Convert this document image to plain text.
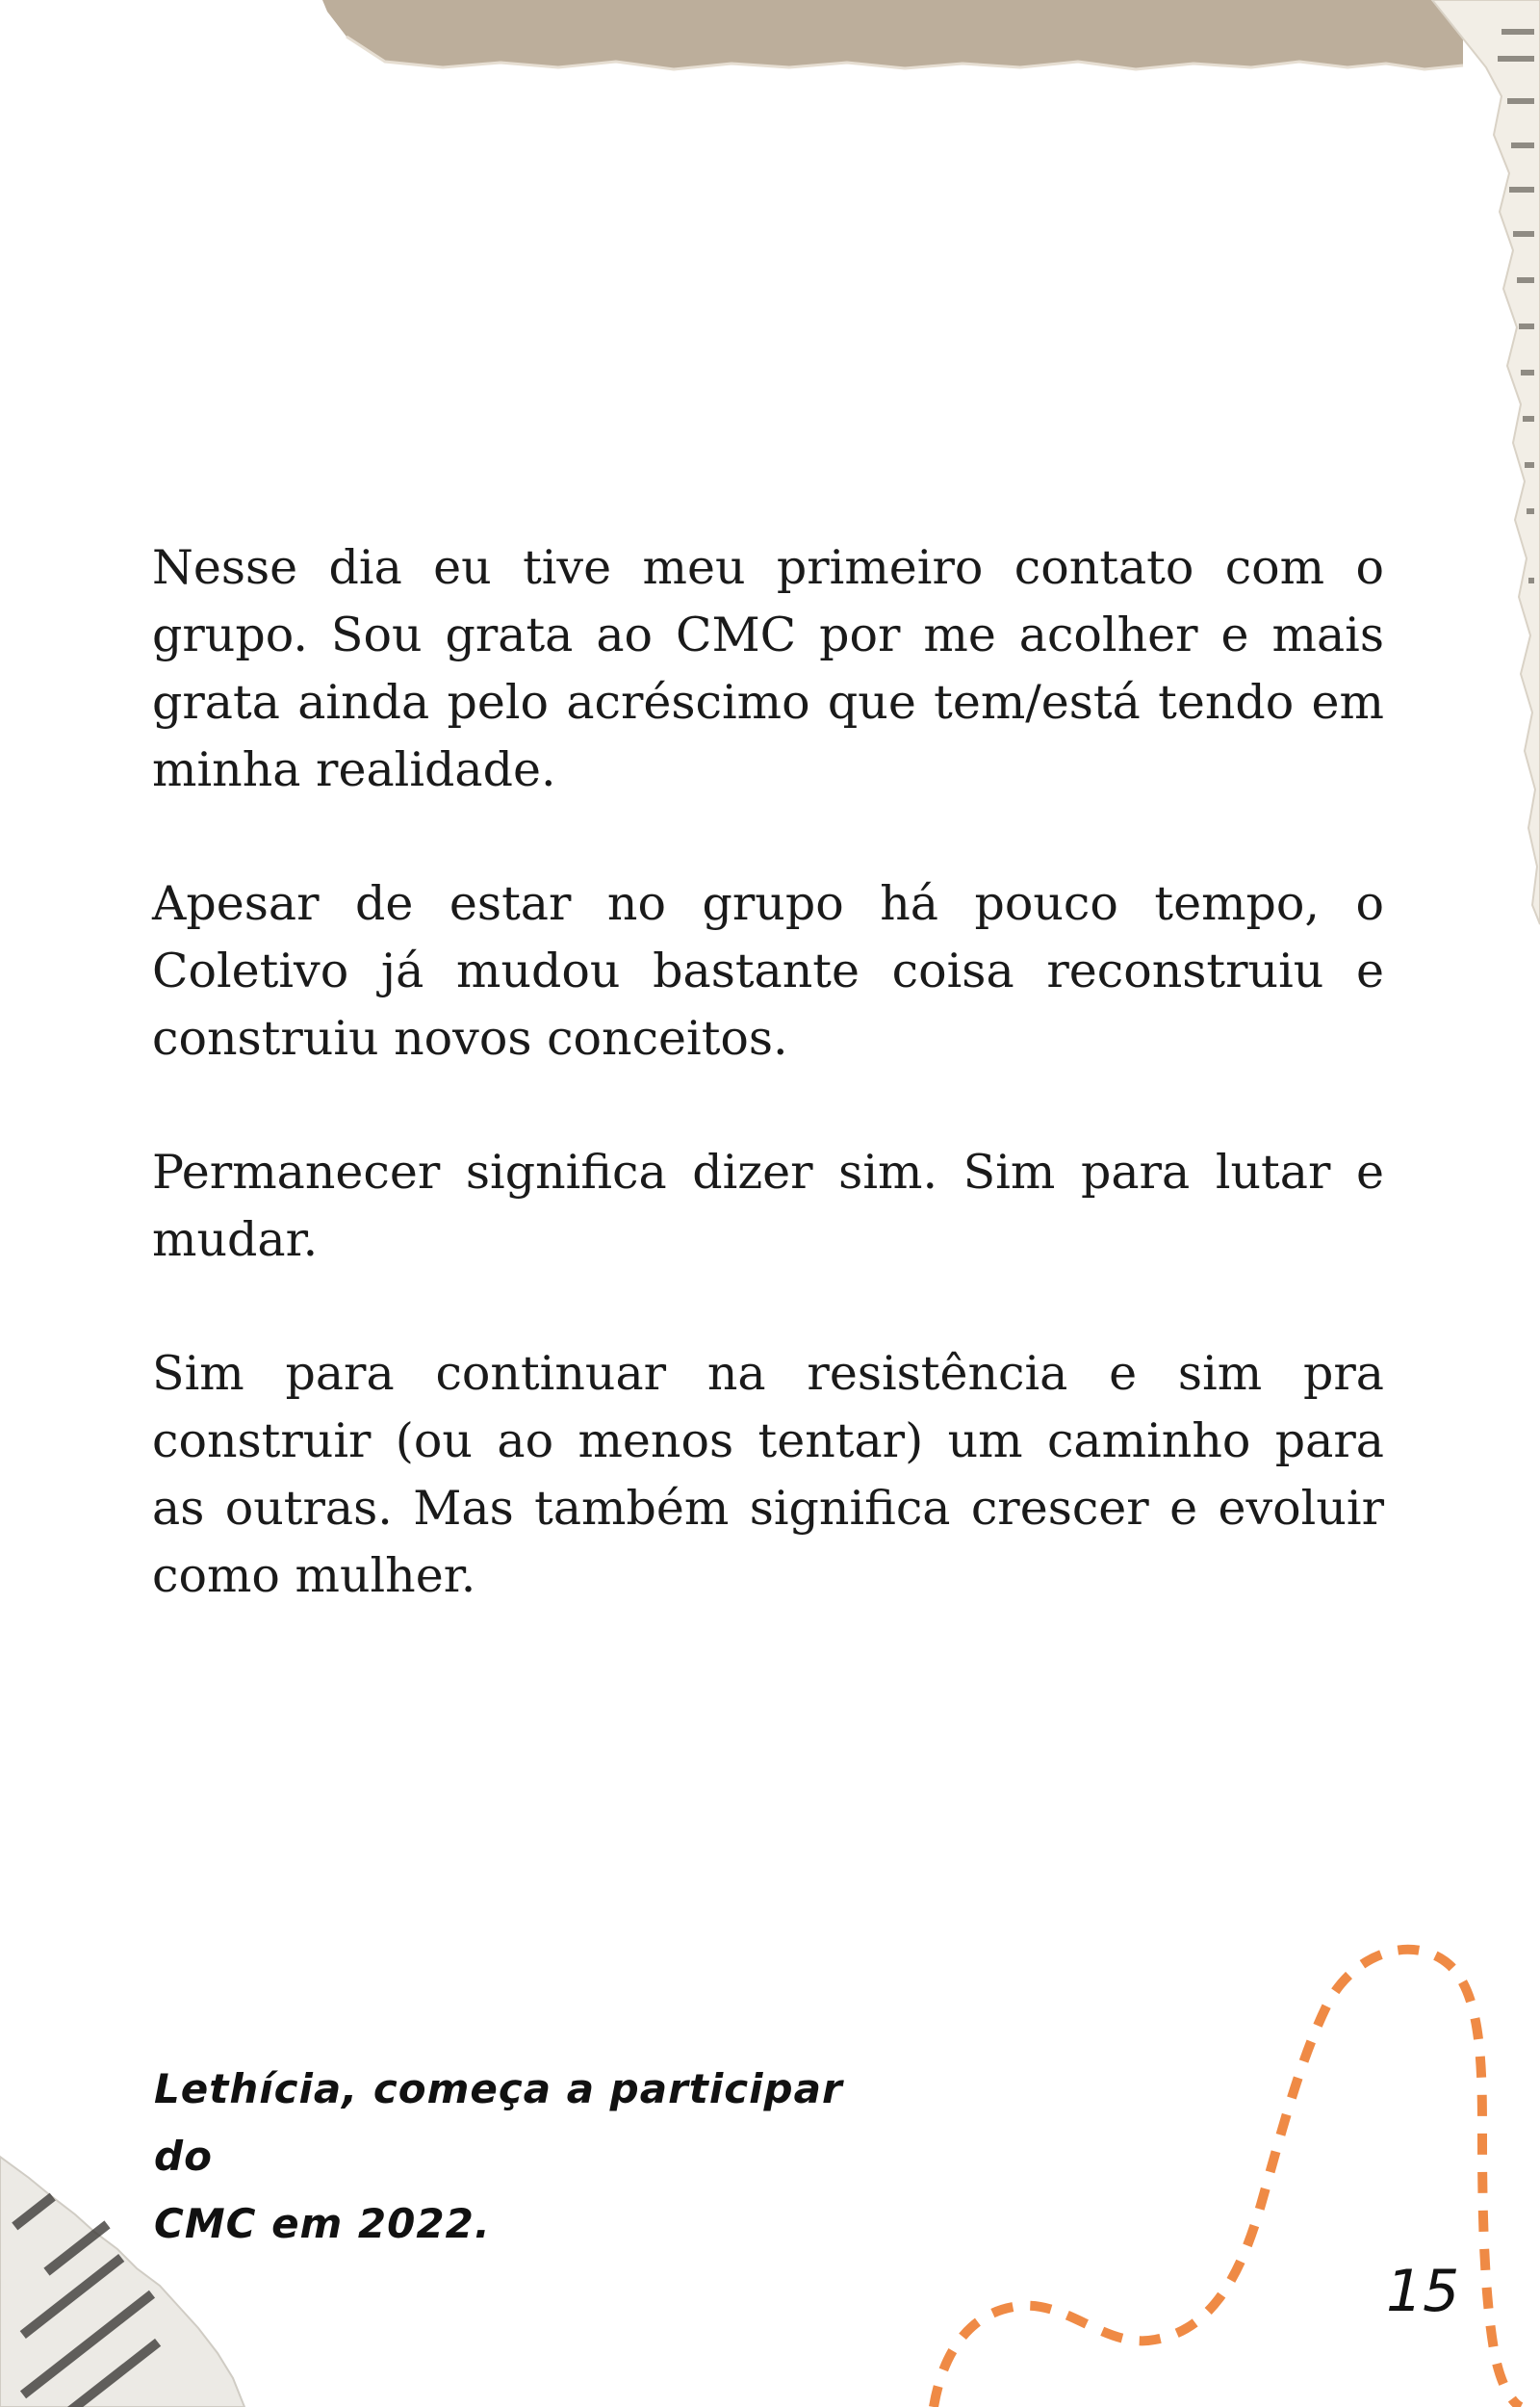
Nesse dia eu tive meu primeiro contato com o grupo. Sou grata ao CMC por me acolher e mais grata ainda pelo acréscimo que tem/está tendo em minha realidade.

Apesar de estar no grupo há pouco tempo, o Coletivo já mudou bastante coisa reconstruiu e construiu novos conceitos.

Permanecer significa dizer sim. Sim para lutar e mudar.

Sim para continuar na resistência e sim pra construir (ou ao menos tentar) um caminho para as outras. Mas também significa crescer e evoluir como mulher.

Lethícia, começa a participar do
CMC em 2022.
15
